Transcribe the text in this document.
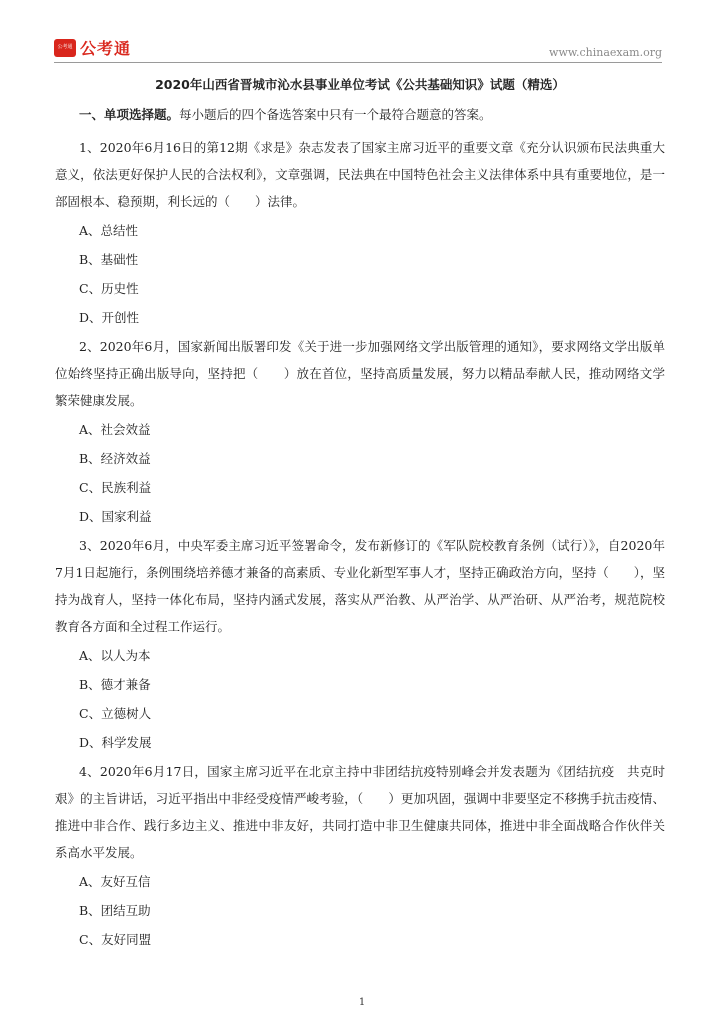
公考通 公考通	www.chinaexam.org
2020年山西省晋城市沁水县事业单位考试《公共基础知识》试题（精选）
一、单项选择题。每小题后的四个备选答案中只有一个最符合题意的答案。

1、2020年6月16日的第12期《求是》杂志发表了国家主席习近平的重要文章《充分认识颁布民法典重大意义，依法更好保护人民的合法权利》，文章强调，民法典在中国特色社会主义法律体系中具有重要地位，是一部固根本、稳预期，利长远的（　　）法律。

A、总结性

B、基础性

C、历史性

D、开创性

2、2020年6月，国家新闻出版署印发《关于进一步加强网络文学出版管理的通知》，要求网络文学出版单位始终坚持正确出版导向，坚持把（　　）放在首位，坚持高质量发展，努力以精品奉献人民，推动网络文学繁荣健康发展。

A、社会效益

B、经济效益

C、民族利益

D、国家利益

3、2020年6月，中央军委主席习近平签署命令，发布新修订的《军队院校教育条例（试行）》，自2020年7月1日起施行，条例围绕培养德才兼备的高素质、专业化新型军事人才，坚持正确政治方向，坚持（　　），坚持为战育人，坚持一体化布局，坚持内涵式发展，落实从严治教、从严治学、从严治研、从严治考，规范院校教育各方面和全过程工作运行。

A、以人为本

B、德才兼备

C、立德树人

D、科学发展

4、2020年6月17日，国家主席习近平在北京主持中非团结抗疫特别峰会并发表题为《团结抗疫　共克时艰》的主旨讲话，习近平指出中非经受疫情严峻考验，（　　）更加巩固，强调中非要坚定不移携手抗击疫情、推进中非合作、践行多边主义、推进中非友好，共同打造中非卫生健康共同体，推进中非全面战略合作伙伴关系高水平发展。

A、友好互信

B、团结互助

C、友好同盟

1
